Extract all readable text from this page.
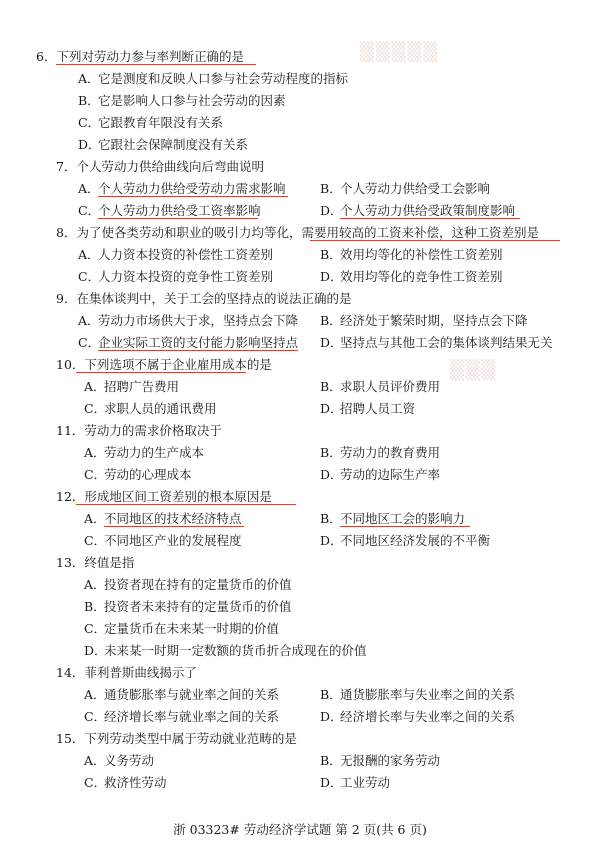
▒▒▒▒▒
▒▒▒
6．下列对劳动力参与率判断正确的是
A．它是测度和反映人口参与社会劳动程度的指标
B．它是影响人口参与社会劳动的因素
C．它跟教育年限没有关系
D．它跟社会保障制度没有关系
7．个人劳动力供给曲线向后弯曲说明
A．个人劳动力供给受劳动力需求影响	B．个人劳动力供给受工会影响
C．个人劳动力供给受工资率影响	D．个人劳动力供给受政策制度影响
8．为了使各类劳动和职业的吸引力均等化，需要用较高的工资来补偿，这种工资差别是
A．人力资本投资的补偿性工资差别	B．效用均等化的补偿性工资差别
C．人力资本投资的竞争性工资差别	D．效用均等化的竞争性工资差别
9．在集体谈判中，关于工会的坚持点的说法正确的是
A．劳动力市场供大于求，坚持点会下降 B．经济处于繁荣时期，坚持点会下降
C．企业实际工资的支付能力影响坚持点 D．坚持点与其他工会的集体谈判结果无关
10．下列选项不属于企业雇用成本的是
A．招聘广告费用	B．求职人员评价费用
C．求职人员的通讯费用	D．招聘人员工资
11．劳动力的需求价格取决于
A．劳动力的生产成本	B．劳动力的教育费用
C．劳动的心理成本	D．劳动的边际生产率
12．形成地区间工资差别的根本原因是
A．不同地区的技术经济特点	B．不同地区工会的影响力
C．不同地区产业的发展程度	D．不同地区经济发展的不平衡
13．终值是指
A．投资者现在持有的定量货币的价值
B．投资者未来持有的定量货币的价值
C．定量货币在未来某一时期的价值
D．未来某一时期一定数额的货币折合成现在的价值
14．菲利普斯曲线揭示了
A．通货膨胀率与就业率之间的关系	B．通货膨胀率与失业率之间的关系
C．经济增长率与就业率之间的关系	D．经济增长率与失业率之间的关系
15．下列劳动类型中属于劳动就业范畴的是
A．义务劳动	B．无报酬的家务劳动
C．救济性劳动	D．工业劳动
浙 03323# 劳动经济学试题 第 2 页(共 6 页)
